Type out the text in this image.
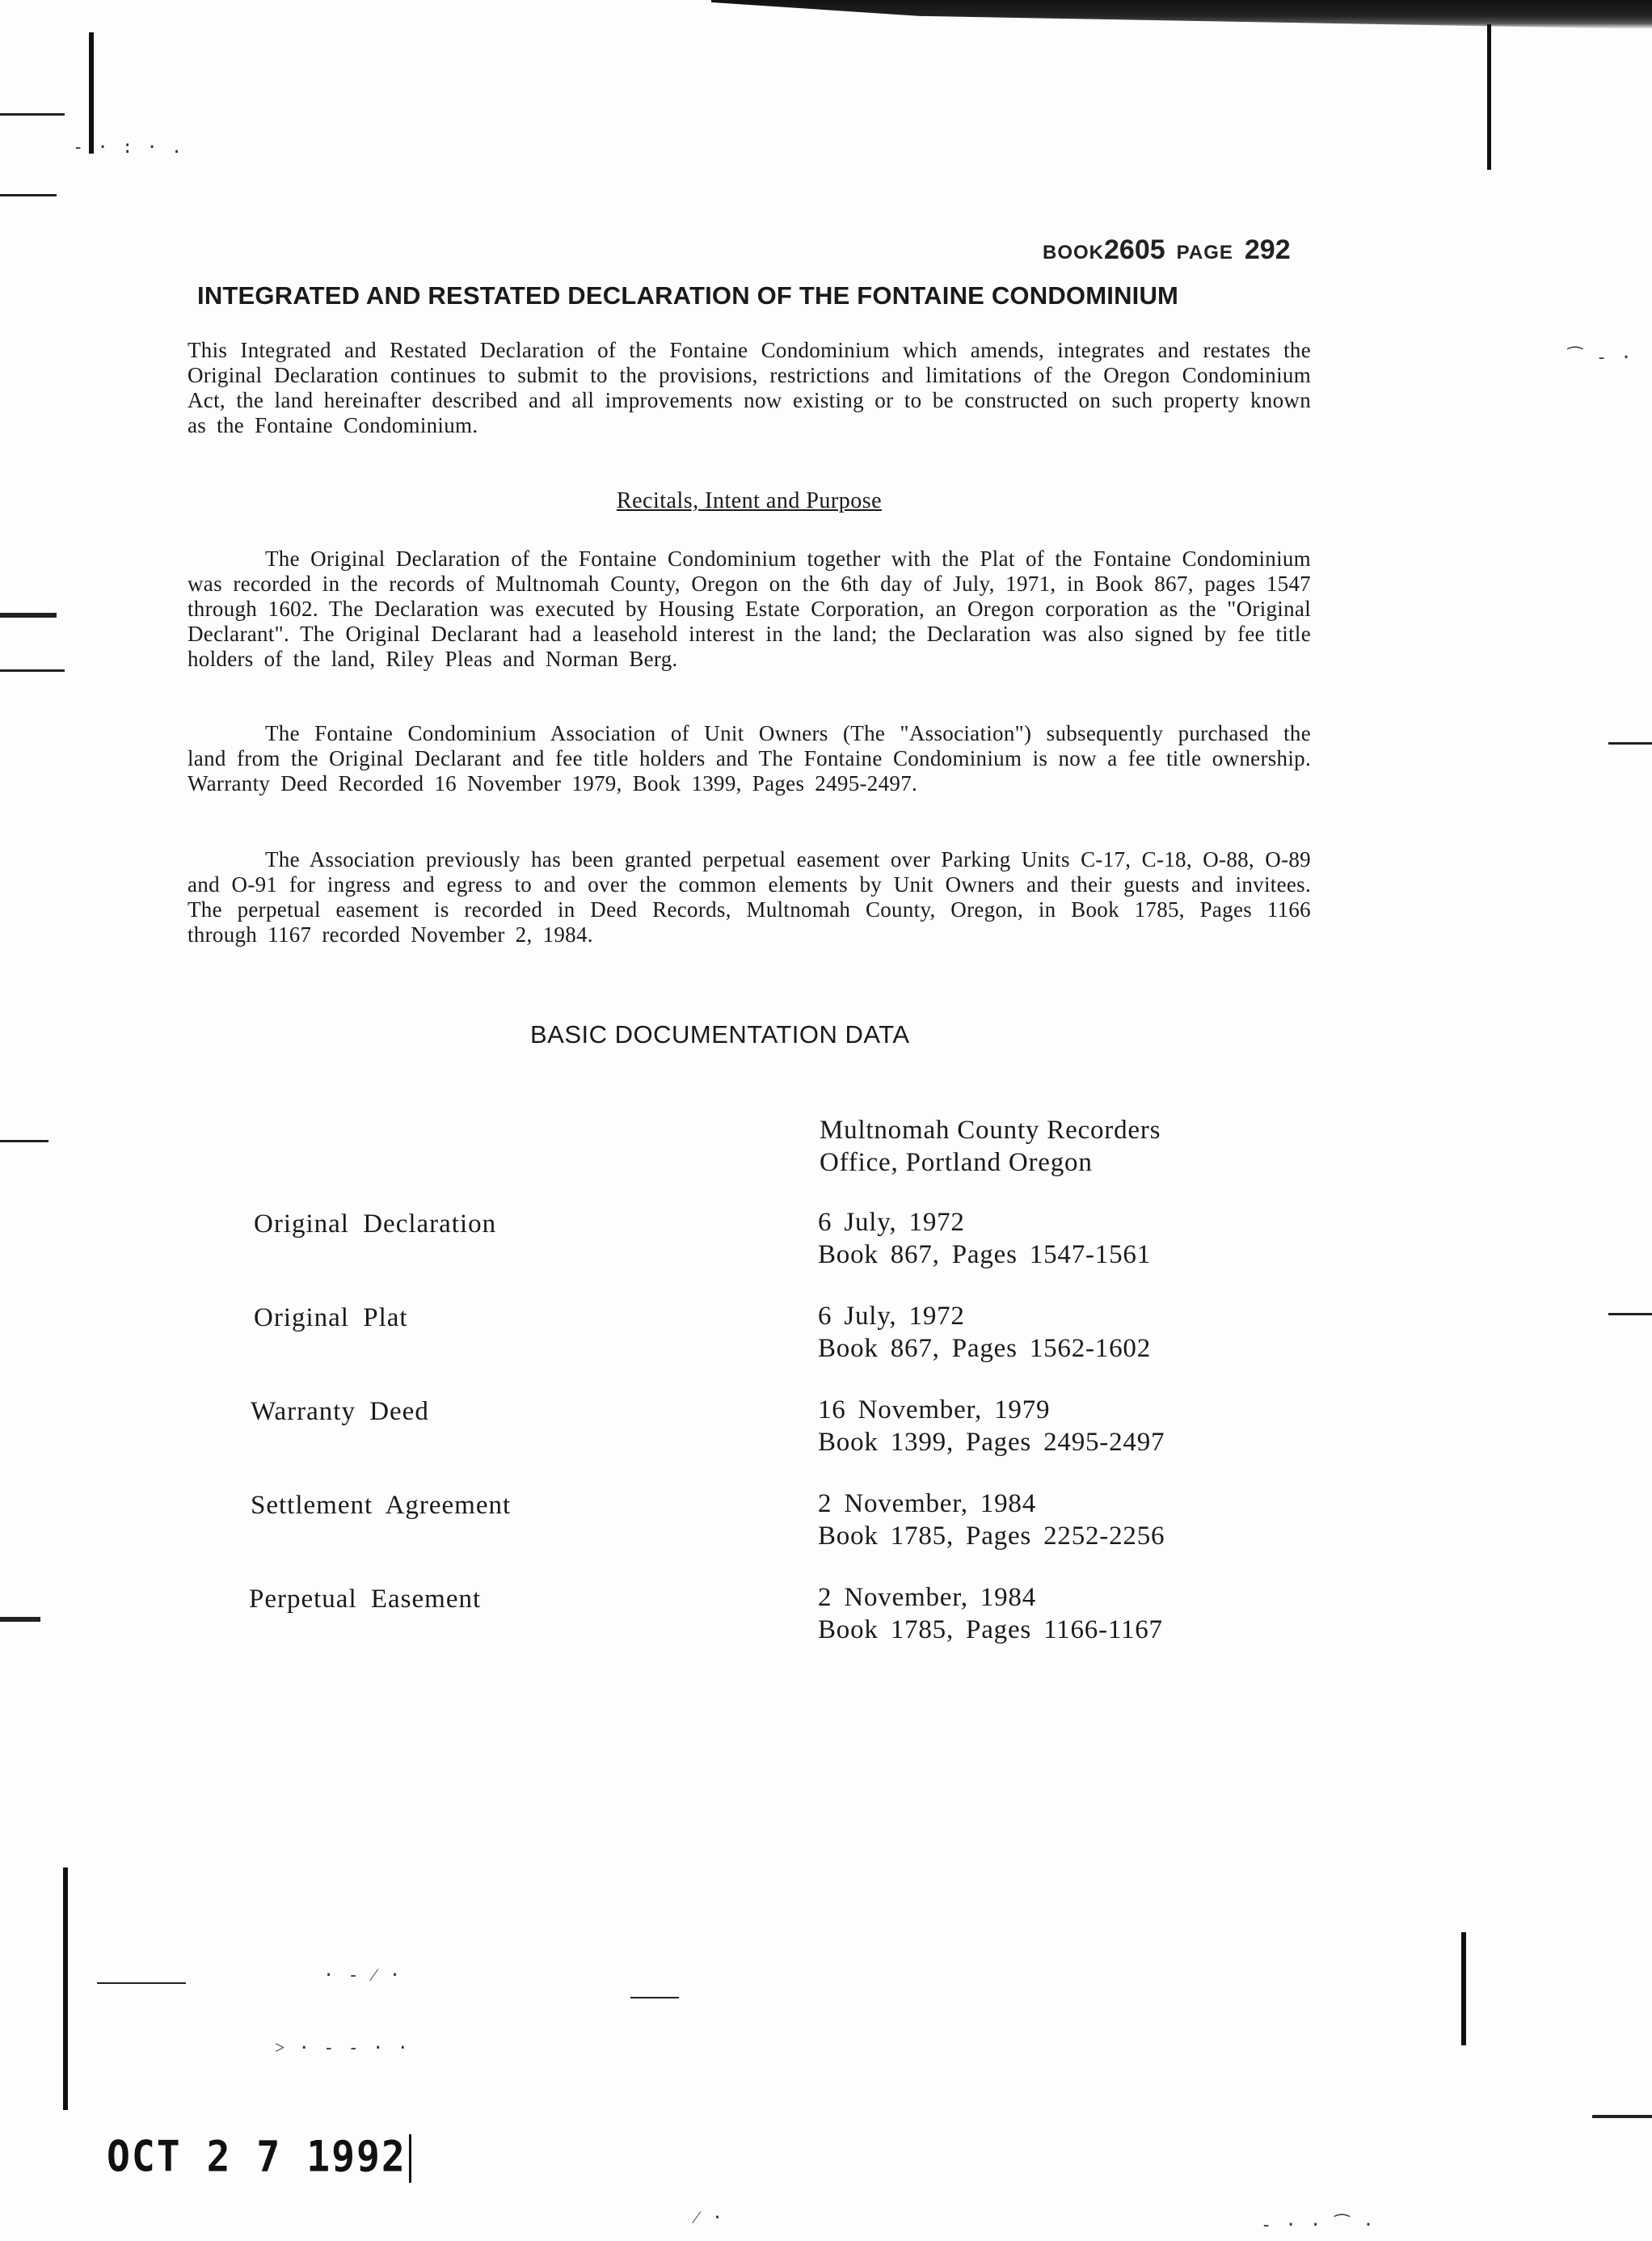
- · : · .
⁀ ‐ ·
· ‐ ⁄ ·
˃ · - - · ·
⁄ ·	- · · ⁀ ·
BOOK2605 PAGE 292
INTEGRATED AND RESTATED DECLARATION OF THE FONTAINE CONDOMINIUM
This Integrated and Restated Declaration of the Fontaine Condominium which amends, integrates and restates the Original Declaration continues to submit to the provisions, restrictions and limitations of the Oregon Condominium Act, the land hereinafter described and all improvements now existing or to be constructed on such property known as the Fontaine Condominium.
Recitals, Intent and Purpose
The Original Declaration of the Fontaine Condominium together with the Plat of the Fontaine Condominium was recorded in the records of Multnomah County, Oregon on the 6th day of July, 1971, in Book 867, pages 1547 through 1602. The Declaration was executed by Housing Estate Corporation, an Oregon corporation as the "Original Declarant". The Original Declarant had a leasehold interest in the land; the Declaration was also signed by fee title holders of the land, Riley Pleas and Norman Berg.
The Fontaine Condominium Association of Unit Owners (The "Association") subsequently purchased the land from the Original Declarant and fee title holders and The Fontaine Condominium is now a fee title ownership. Warranty Deed Recorded 16 November 1979, Book 1399, Pages 2495-2497.
The Association previously has been granted perpetual easement over Parking Units C-17, C-18, O-88, O-89 and O-91 for ingress and egress to and over the common elements by Unit Owners and their guests and invitees. The perpetual easement is recorded in Deed Records, Multnomah County, Oregon, in Book 1785, Pages 1166 through 1167 recorded November 2, 1984.
BASIC DOCUMENTATION DATA
Multnomah County Recorders
Office, Portland Oregon
Original Declaration	6 July, 1972
Book 867, Pages 1547-1561
Original Plat	6 July, 1972
Book 867, Pages 1562-1602
Warranty Deed	16 November, 1979
Book 1399, Pages 2495-2497
Settlement Agreement	2 November, 1984
Book 1785, Pages 2252-2256
Perpetual Easement	2 November, 1984
Book 1785, Pages 1166-1167
OCT 2 7 1992
